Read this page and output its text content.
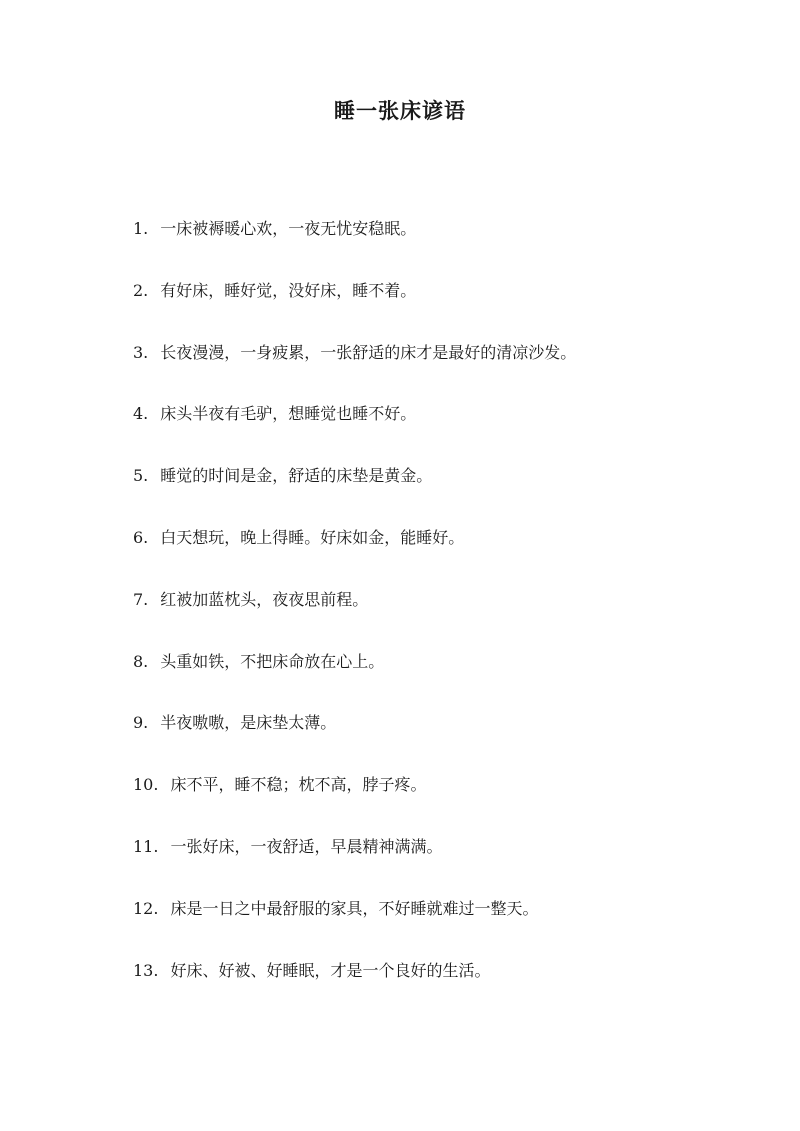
睡一张床谚语
1. 一床被褥暖心欢，一夜无忧安稳眠。
2. 有好床，睡好觉，没好床，睡不着。
3. 长夜漫漫，一身疲累，一张舒适的床才是最好的清凉沙发。
4. 床头半夜有毛驴，想睡觉也睡不好。
5. 睡觉的时间是金，舒适的床垫是黄金。
6. 白天想玩，晚上得睡。好床如金，能睡好。
7. 红被加蓝枕头，夜夜思前程。
8. 头重如铁，不把床命放在心上。
9. 半夜嗷嗷，是床垫太薄。
10. 床不平，睡不稳；枕不高，脖子疼。
11. 一张好床，一夜舒适，早晨精神满满。
12. 床是一日之中最舒服的家具，不好睡就难过一整天。
13. 好床、好被、好睡眠，才是一个良好的生活。
